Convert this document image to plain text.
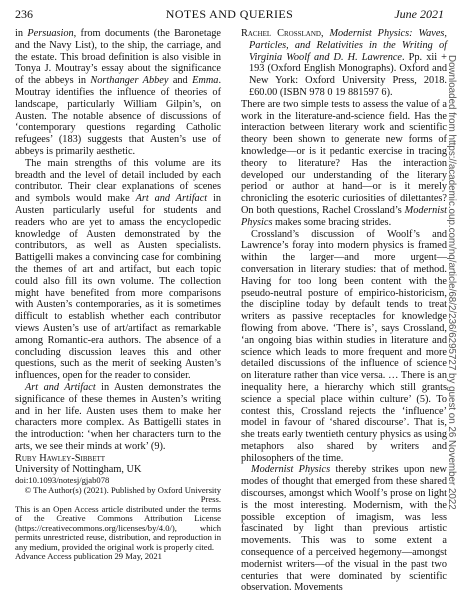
236	NOTES AND QUERIES	June 2021

in Persuasion, from documents (the Baronetage and the Navy List), to the ship, the carriage, and the estate. This broad definition is also visible in Tonya J. Moutray’s essay about the significance of the abbeys in Northanger Abbey and Emma. Moutray identifies the influence of theories of landscape, particularly William Gilpin’s, on Austen. The notable absence of discussions of ‘contemporary questions regarding Catholic refugees’ (183) suggests that Austen’s use of abbeys is primarily aesthetic.

The main strengths of this volume are its breadth and the level of detail included by each contributor. Their clear explanations of scenes and symbols would make Art and Artifact in Austen particularly useful for students and readers who are yet to amass the encyclopedic knowledge of Austen demonstrated by the contributors, as well as Austen specialists. Battigelli makes a convincing case for combining the themes of art and artifact, but each topic could also fill its own volume. The collection might have benefited from more comparisons with Austen’s contemporaries, as it is sometimes difficult to establish whether each contributor views Austen’s use of art/artifact as remarkable among Romantic-era authors. The absence of a concluding discussion leaves this and other questions, such as the merit of seeking Austen’s influences, open for the reader to consider.

Art and Artifact in Austen demonstrates the significance of these themes in Austen’s writing and in her life. Austen uses them to make her characters more complex. As Battigelli states in the introduction: ‘when her characters turn to the arts, we see their minds at work’ (9).

Ruby Hawley-Sibbett

University of Nottingham, UK

doi:10.1093/notesj/gjab078

© The Author(s) (2021). Published by Oxford University Press.

This is an Open Access article distributed under the terms of the Creative Commons Attribution License (https://creativecommons.org/licenses/by/4.0/), which permits unrestricted reuse, distribution, and reproduction in any medium, provided the original work is properly cited.

Advance Access publication 29 May, 2021

Rachel Crossland, Modernist Physics: Waves, Particles, and Relativities in the Writing of Virginia Woolf and D. H. Lawrence. Pp. xii + 193 (Oxford English Monographs). Oxford and New York: Oxford University Press, 2018. £60.00 (ISBN 978 0 19 881597 6).

There are two simple tests to assess the value of a work in the literature-and-science field. Has the interaction between literary work and scientific theory been shown to generate new forms of knowledge—or is it pedantic exercise in tracing theory to literature? Has the interaction developed our understanding of the literary period or author at hand—or is it merely chronicling the esoteric curiosities of dilettantes? On both questions, Rachel Crossland’s Modernist Physics makes some bracing strides.

Crossland’s discussion of Woolf’s and Lawrence’s foray into modern physics is framed within the larger—and more urgent—conversation in literary studies: that of method. Having for too long been content with the pseudo-neutral posture of empirico-historicism, the discipline today by default tends to treat writers as passive receptacles for knowledge flowing from above. ‘There is’, says Crossland, ‘an ongoing bias within studies in literature and science which leads to more frequent and more detailed discussions of the influence of science on literature rather than vice versa. … There is an inequality here, a hierarchy which still grants science a special place within culture’ (5). To contest this, Crossland rejects the ‘influence’ model in favour of ‘shared discourse’. That is, she treats early twentieth century physics as using metaphors also shared by writers and philosophers of the time.

Modernist Physics thereby strikes upon new modes of thought that emerged from these shared discourses, amongst which Woolf’s prose on light is the most interesting. Modernism, with the possible exception of imagism, was less fascinated by light than previous artistic movements. This was to some extent a consequence of a perceived hegemony—amongst modernist writers—of the visual in the past two centuries that were dominated by scientific observation. Movements

Downloaded from https://academic.oup.com/nq/article/68/2/236/6295727 by guest on 26 November 2022
